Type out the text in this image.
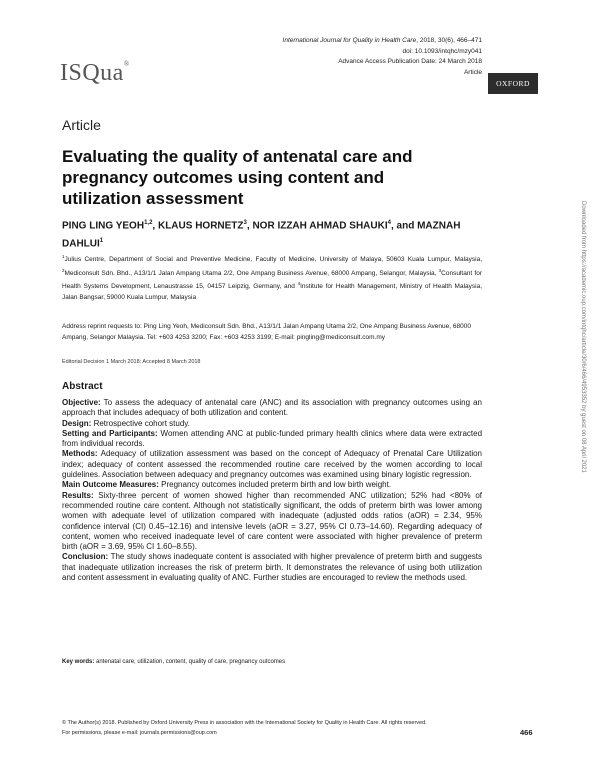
ISQua®
International Journal for Quality in Health Care, 2018, 30(6), 466–471
doi: 10.1093/intqhc/mzy041
Advance Access Publication Date: 24 March 2018
Article
OXFORD
Article
Evaluating the quality of antenatal care and pregnancy outcomes using content and utilization assessment
PING LING YEOH$^{1,2}$, KLAUS HORNETZ$^3$, NOR IZZAH AHMAD SHAUKI$^4$, and MAZNAH DAHLUI$^1$
$^1$Julius Centre, Department of Social and Preventive Medicine, Faculty of Medicine, University of Malaya, 50603 Kuala Lumpur, Malaysia, $^2$Mediconsult Sdn. Bhd., A13/1/1 Jalan Ampang Utama 2/2, One Ampang Business Avenue, 68000 Ampang, Selangor, Malaysia, $^3$Consultant for Health Systems Development, Lenaustrasse 15, 04157 Leipzig, Germany, and $^4$Institute for Health Management, Ministry of Health Malaysia, Jalan Bangsar, 59000 Kuala Lumpur, Malaysia
Address reprint requests to: Ping Ling Yeoh, Mediconsult Sdn. Bhd., A13/1/1 Jalan Ampang Utama 2/2, One Ampang Business Avenue, 68000 Ampang, Selangor Malaysia. Tel: +603 4253 3200; Fax: +603 4253 3199; E-mail: pingling@mediconsult.com.my
Editorial Decision 1 March 2018; Accepted 8 March 2018
Abstract

Objective: To assess the adequacy of antenatal care (ANC) and its association with pregnancy outcomes using an approach that includes adequacy of both utilization and content.

Design: Retrospective cohort study.

Setting and Participants: Women attending ANC at public-funded primary health clinics where data were extracted from individual records.

Methods: Adequacy of utilization assessment was based on the concept of Adequacy of Prenatal Care Utilization index; adequacy of content assessed the recommended routine care received by the women according to local guidelines. Association between adequacy and pregnancy outcomes was examined using binary logistic regression.

Main Outcome Measures: Pregnancy outcomes included preterm birth and low birth weight.

Results: Sixty-three percent of women showed higher than recommended ANC utilization; 52% had <80% of recommended routine care content. Although not statistically significant, the odds of preterm birth was lower among women with adequate level of utilization compared with inadequate (adjusted odds ratios (aOR) = 2.34, 95% confidence interval (CI) 0.45–12.16) and intensive levels (aOR = 3.27, 95% CI 0.73–14.60). Regarding adequacy of content, women who received inadequate level of care content were associated with higher prevalence of preterm birth (aOR = 3.69, 95% CI 1.60–8.55).

Conclusion: The study shows inadequate content is associated with higher prevalence of preterm birth and suggests that inadequate utilization increases the risk of preterm birth. It demonstrates the relevance of using both utilization and content assessment in evaluating quality of ANC. Further studies are encouraged to review the methods used.

Key words: antenatal care, utilization, content, quality of care, pregnancy outcomes
© The Author(s) 2018. Published by Oxford University Press in association with the International Society for Quality in Health Care. All rights reserved.
For permissions, please e-mail: journals.permissions@oup.com	466
Downloaded from https://academic.oup.com/intqhc/article/30/6/466/4953352 by guest on 08 April 2021
